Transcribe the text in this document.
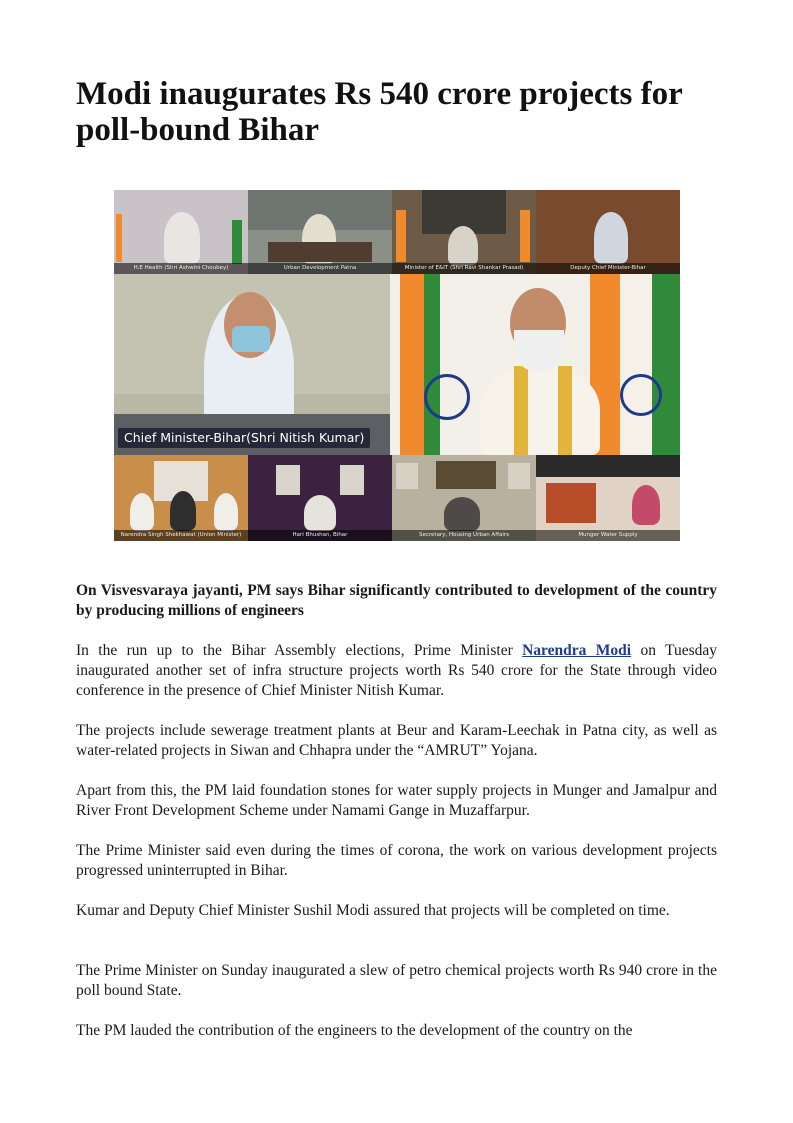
Modi inaugurates Rs 540 crore projects for poll-bound Bihar
H.E Health (Shri Ashwini Choubey)	Urban Development Patna	Minister of E&IT (Shri Ravi Shankar Prasad)	Deputy Chief Minister-Bihar
Chief Minister-Bihar(Shri Nitish Kumar)
Narendra Singh Shekhawat (Union Minister)	Hari Bhushan, Bihar	Secretary, Housing Urban Affairs	Munger Water Supply

On Visvesvaraya jayanti, PM says Bihar significantly contributed to development of the country by producing millions of engineers

In the run up to the Bihar Assembly elections, Prime Minister Narendra Modi on Tuesday inaugurated another set of infra structure projects worth Rs 540 crore for the State through video conference in the presence of Chief Minister Nitish Kumar.

The projects include sewerage treatment plants at Beur and Karam-Leechak in Patna city, as well as water-related projects in Siwan and Chhapra under the “AMRUT” Yojana.

Apart from this, the PM laid foundation stones for water supply projects in Munger and Jamalpur and River Front Development Scheme under Namami Gange in Muzaffarpur.

The Prime Minister said even during the times of corona, the work on various development projects progressed uninterrupted in Bihar.

Kumar and Deputy Chief Minister Sushil Modi assured that projects will be completed on time.

The Prime Minister on Sunday inaugurated a slew of petro chemical projects worth Rs 940 crore in the poll bound State.

The PM lauded the contribution of the engineers to the development of the country on the
